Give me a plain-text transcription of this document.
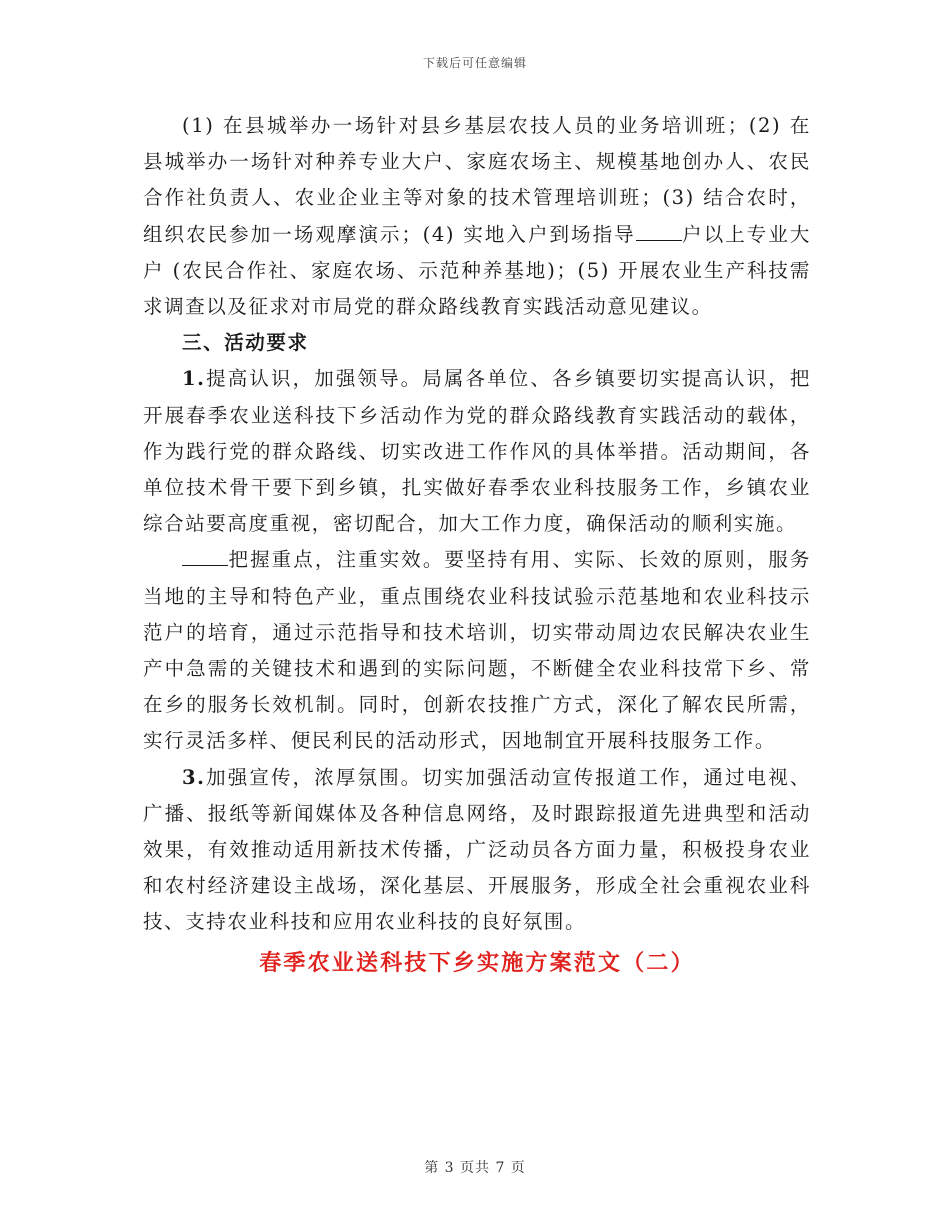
下载后可任意编辑

(1) 在县城举办一场针对县乡基层农技人员的业务培训班；(2) 在县城举办一场针对种养专业大户、家庭农场主、规模基地创办人、农民合作社负责人、农业企业主等对象的技术管理培训班；(3) 结合农时，组织农民参加一场观摩演示；(4) 实地入户到场指导 户以上专业大户 (农民合作社、家庭农场、示范种养基地)；(5) 开展农业生产科技需求调查以及征求对市局党的群众路线教育实践活动意见建议。

三、活动要求

1.提高认识，加强领导。局属各单位、各乡镇要切实提高认识，把开展春季农业送科技下乡活动作为党的群众路线教育实践活动的载体，作为践行党的群众路线、切实改进工作作风的具体举措。活动期间，各单位技术骨干要下到乡镇，扎实做好春季农业科技服务工作，乡镇农业综合站要高度重视，密切配合，加大工作力度，确保活动的顺利实施。

把握重点，注重实效。要坚持有用、实际、长效的原则，服务当地的主导和特色产业，重点围绕农业科技试验示范基地和农业科技示范户的培育，通过示范指导和技术培训，切实带动周边农民解决农业生产中急需的关键技术和遇到的实际问题，不断健全农业科技常下乡、常在乡的服务长效机制。同时，创新农技推广方式，深化了解农民所需，实行灵活多样、便民利民的活动形式，因地制宜开展科技服务工作。

3.加强宣传，浓厚氛围。切实加强活动宣传报道工作，通过电视、广播、报纸等新闻媒体及各种信息网络，及时跟踪报道先进典型和活动效果，有效推动适用新技术传播，广泛动员各方面力量，积极投身农业和农村经济建设主战场，深化基层、开展服务，形成全社会重视农业科技、支持农业科技和应用农业科技的良好氛围。

春季农业送科技下乡实施方案范文（二）

第 3 页共 7 页
